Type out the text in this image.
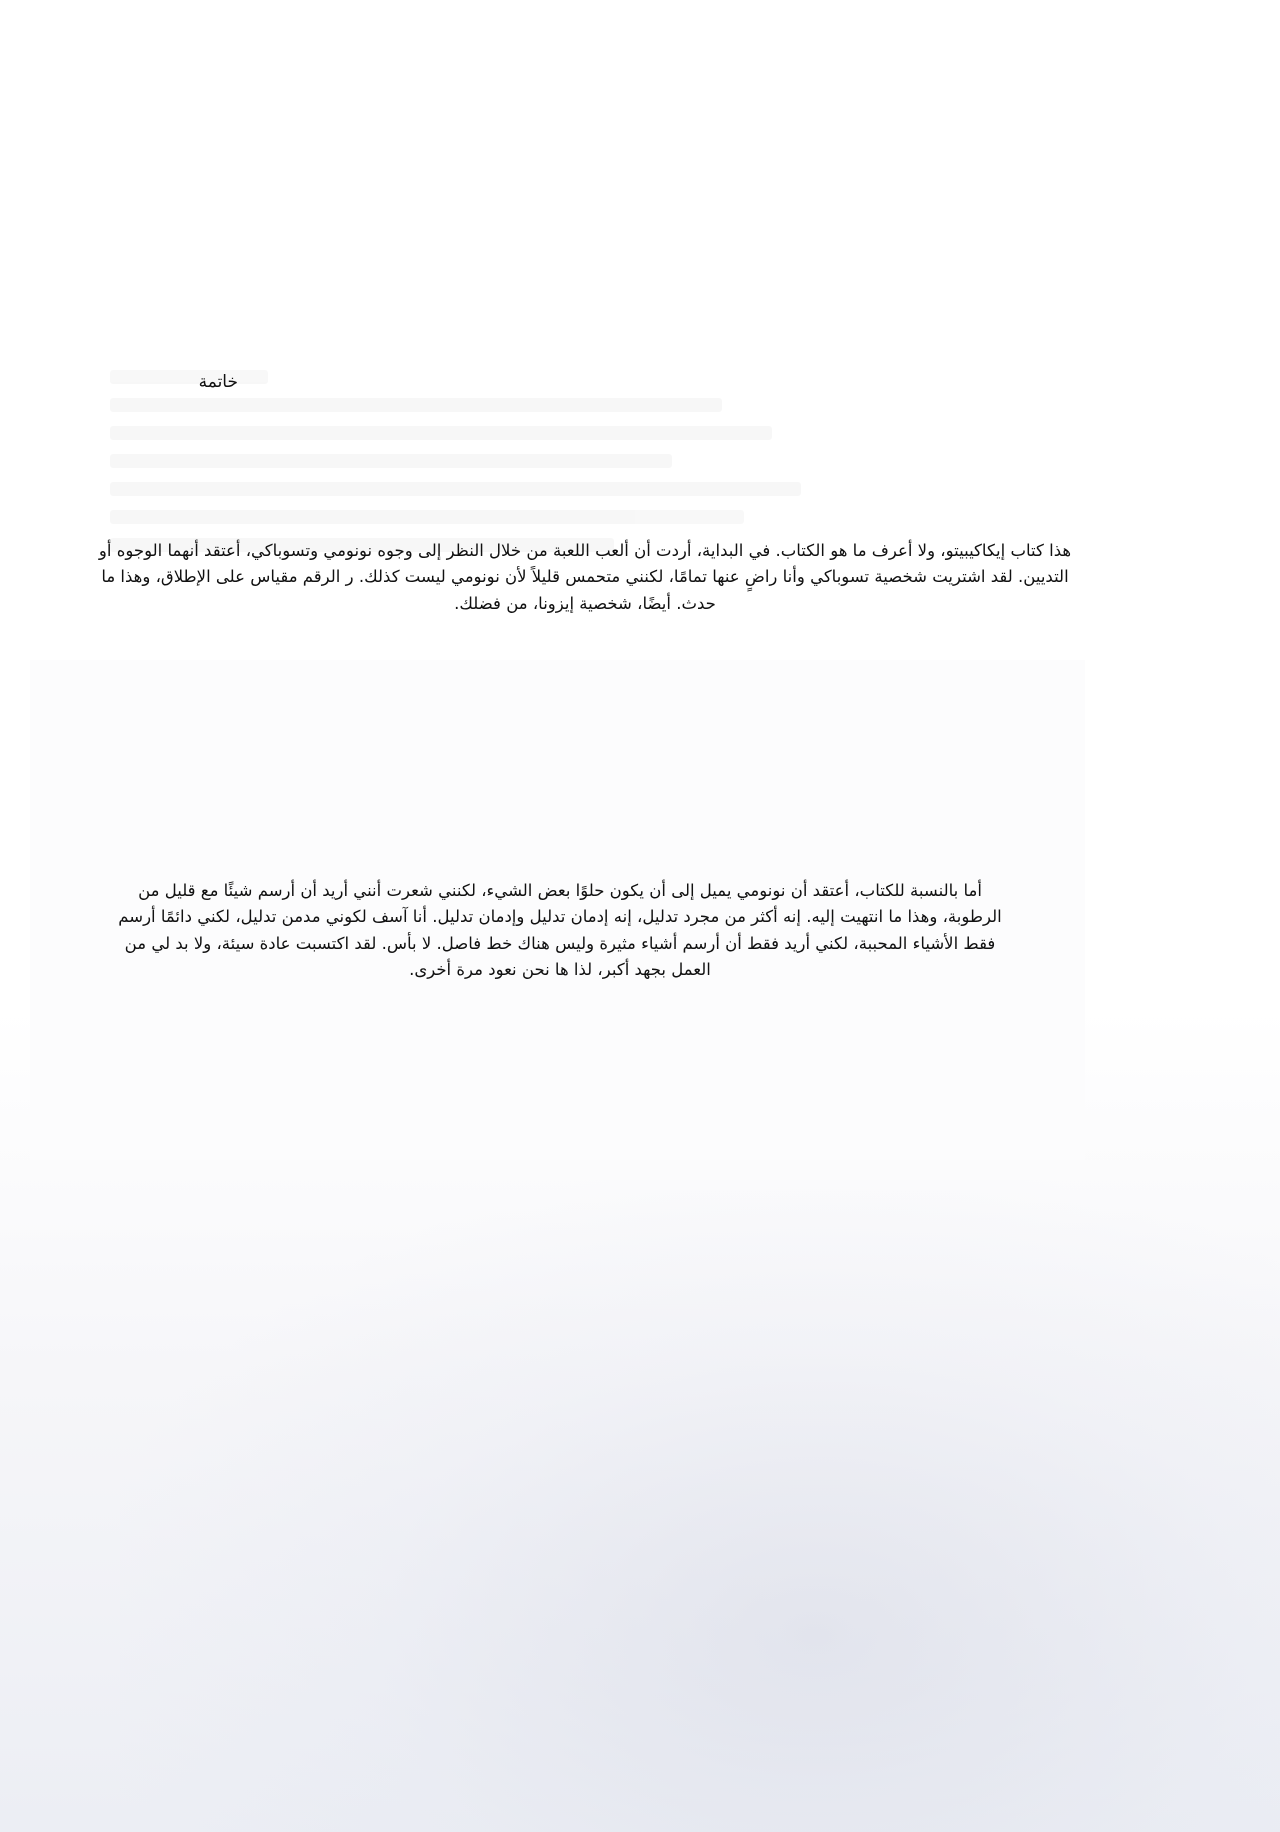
خاتمة

هذا كتاب إيكاكيبيتو، ولا أعرف ما هو الكتاب. في البداية، أردت أن ألعب اللعبة من خلال النظر إلى وجوه نونومي وتسوباكي، أعتقد أنهما الوجوه أو التديين. لقد اشتريت شخصية تسوباكي وأنا راضٍ عنها تمامًا، لكنني متحمس قليلاً لأن نونومي ليست كذلك. ر الرقم مقياس على الإطلاق، وهذا ما حدث. أيضًا، شخصية إيزونا، من فضلك.

أما بالنسبة للكتاب، أعتقد أن نونومي يميل إلى أن يكون حلوًا بعض الشيء، لكنني شعرت أنني أريد أن أرسم شيئًا مع قليل من الرطوبة، وهذا ما انتهيت إليه. إنه أكثر من مجرد تدليل، إنه إدمان تدليل وإدمان تدليل. أنا آسف لكوني مدمن تدليل، لكني دائمًا أرسم فقط الأشياء المحببة، لكني أريد فقط أن أرسم أشياء مثيرة وليس هناك خط فاصل. لا بأس. لقد اكتسبت عادة سيئة، ولا بد لي من العمل بجهد أكبر، لذا ها نحن نعود مرة أخرى.
